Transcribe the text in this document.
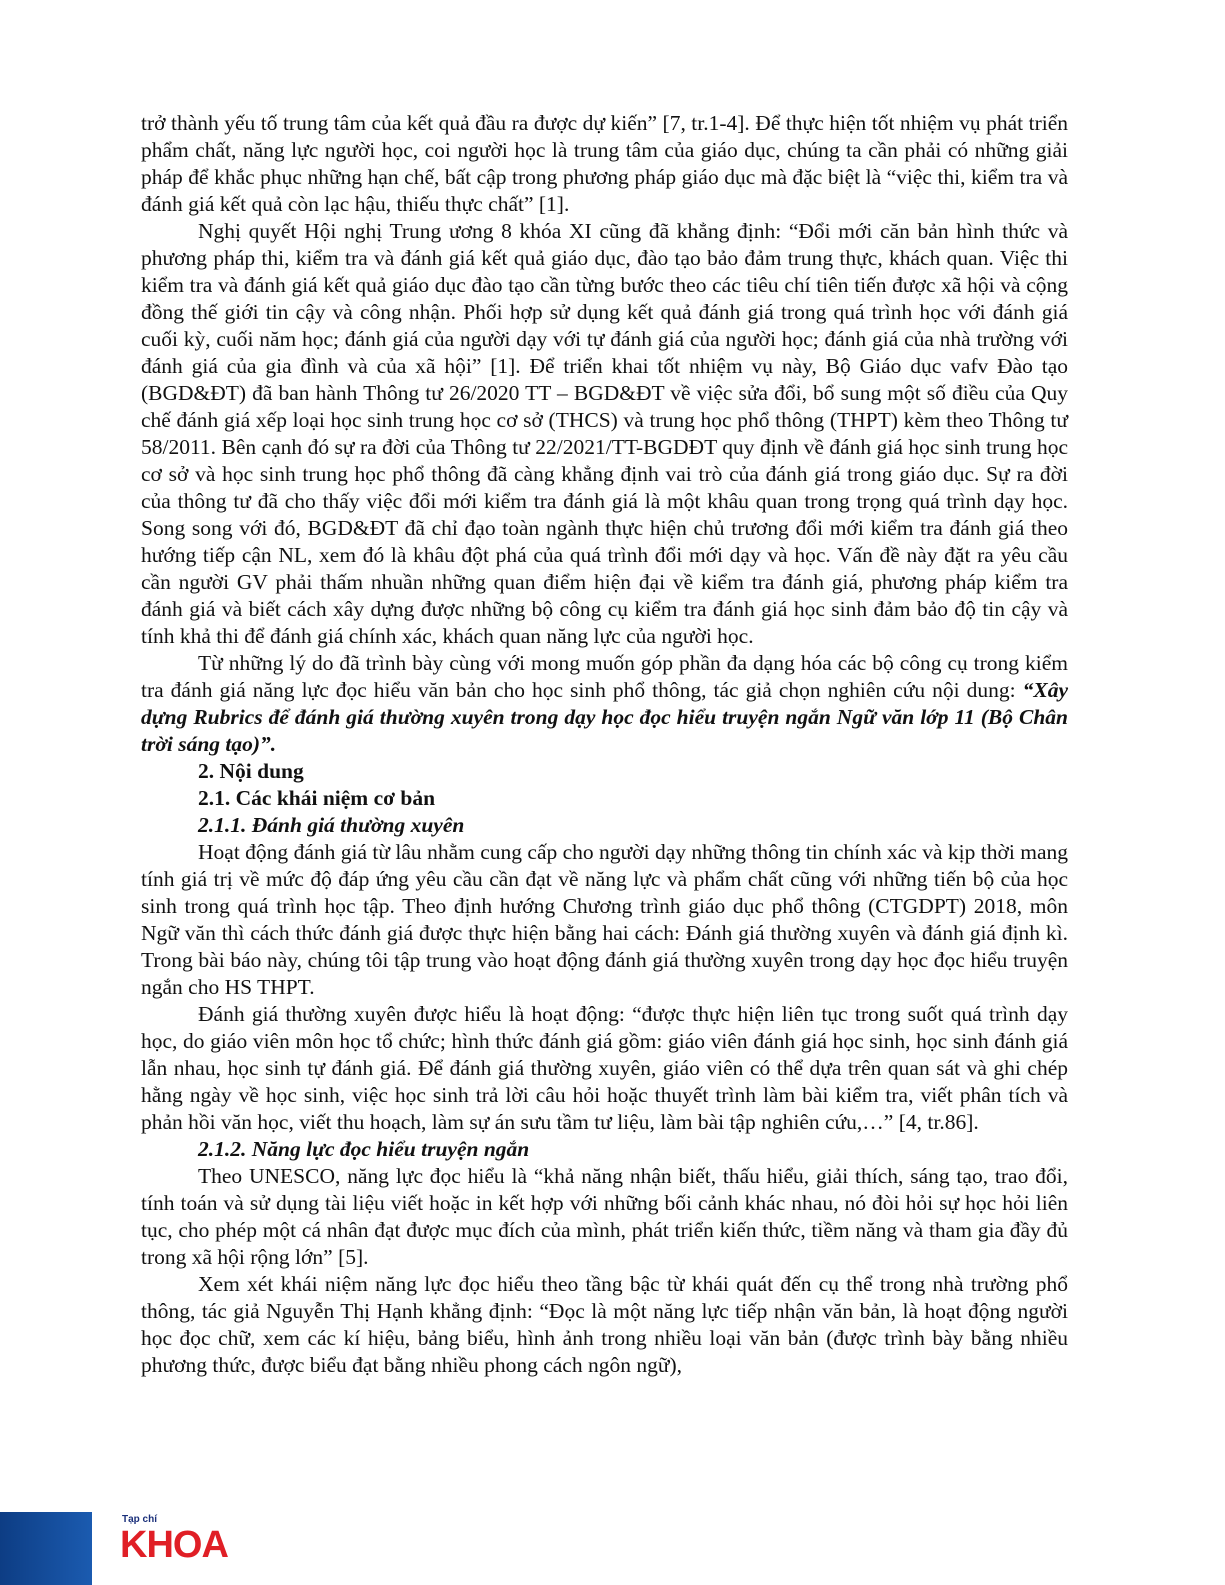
trở thành yếu tố trung tâm của kết quả đầu ra được dự kiến” [7, tr.1-4]. Để thực hiện tốt nhiệm vụ phát triển phẩm chất, năng lực người học, coi người học là trung tâm của giáo dục, chúng ta cần phải có những giải pháp để khắc phục những hạn chế, bất cập trong phương pháp giáo dục mà đặc biệt là “việc thi, kiểm tra và đánh giá kết quả còn lạc hậu, thiếu thực chất” [1].

Nghị quyết Hội nghị Trung ương 8 khóa XI cũng đã khẳng định: “Đổi mới căn bản hình thức và phương pháp thi, kiểm tra và đánh giá kết quả giáo dục, đào tạo bảo đảm trung thực, khách quan. Việc thi kiểm tra và đánh giá kết quả giáo dục đào tạo cần từng bước theo các tiêu chí tiên tiến được xã hội và cộng đồng thế giới tin cậy và công nhận. Phối hợp sử dụng kết quả đánh giá trong quá trình học với đánh giá cuối kỳ, cuối năm học; đánh giá của người dạy với tự đánh giá của người học; đánh giá của nhà trường với đánh giá của gia đình và của xã hội” [1]. Để triển khai tốt nhiệm vụ này, Bộ Giáo dục vafv Đào tạo (BGD&ĐT) đã ban hành Thông tư 26/2020 TT – BGD&ĐT về việc sửa đổi, bổ sung một số điều của Quy chế đánh giá xếp loại học sinh trung học cơ sở (THCS) và trung học phổ thông (THPT) kèm theo Thông tư 58/2011. Bên cạnh đó sự ra đời của Thông tư 22/2021/TT-BGDĐT quy định về đánh giá học sinh trung học cơ sở và học sinh trung học phổ thông đã càng khẳng định vai trò của đánh giá trong giáo dục. Sự ra đời của thông tư đã cho thấy việc đổi mới kiểm tra đánh giá là một khâu quan trong trọng quá trình dạy học. Song song với đó, BGD&ĐT đã chỉ đạo toàn ngành thực hiện chủ trương đổi mới kiểm tra đánh giá theo hướng tiếp cận NL, xem đó là khâu đột phá của quá trình đổi mới dạy và học. Vấn đề này đặt ra yêu cầu cần người GV phải thấm nhuần những quan điểm hiện đại về kiểm tra đánh giá, phương pháp kiểm tra đánh giá và biết cách xây dựng được những bộ công cụ kiểm tra đánh giá học sinh đảm bảo độ tin cậy và tính khả thi để đánh giá chính xác, khách quan năng lực của người học.

Từ những lý do đã trình bày cùng với mong muốn góp phần đa dạng hóa các bộ công cụ trong kiểm tra đánh giá năng lực đọc hiểu văn bản cho học sinh phổ thông, tác giả chọn nghiên cứu nội dung: “Xây dựng Rubrics để đánh giá thường xuyên trong dạy học đọc hiểu truyện ngắn Ngữ văn lớp 11 (Bộ Chân trời sáng tạo)”.

2. Nội dung

2.1. Các khái niệm cơ bản

2.1.1. Đánh giá thường xuyên

Hoạt động đánh giá từ lâu nhằm cung cấp cho người dạy những thông tin chính xác và kịp thời mang tính giá trị về mức độ đáp ứng yêu cầu cần đạt về năng lực và phẩm chất cũng với những tiến bộ của học sinh trong quá trình học tập. Theo định hướng Chương trình giáo dục phổ thông (CTGDPT) 2018, môn Ngữ văn thì cách thức đánh giá được thực hiện bằng hai cách: Đánh giá thường xuyên và đánh giá định kì. Trong bài báo này, chúng tôi tập trung vào hoạt động đánh giá thường xuyên trong dạy học đọc hiểu truyện ngắn cho HS THPT.

Đánh giá thường xuyên được hiểu là hoạt động: “được thực hiện liên tục trong suốt quá trình dạy học, do giáo viên môn học tổ chức; hình thức đánh giá gồm: giáo viên đánh giá học sinh, học sinh đánh giá lẫn nhau, học sinh tự đánh giá. Để đánh giá thường xuyên, giáo viên có thể dựa trên quan sát và ghi chép hằng ngày về học sinh, việc học sinh trả lời câu hỏi hoặc thuyết trình làm bài kiểm tra, viết phân tích và phản hồi văn học, viết thu hoạch, làm sự án sưu tầm tư liệu, làm bài tập nghiên cứu,…” [4, tr.86].

2.1.2. Năng lực đọc hiểu truyện ngắn

Theo UNESCO, năng lực đọc hiểu là “khả năng nhận biết, thấu hiểu, giải thích, sáng tạo, trao đổi, tính toán và sử dụng tài liệu viết hoặc in kết hợp với những bối cảnh khác nhau, nó đòi hỏi sự học hỏi liên tục, cho phép một cá nhân đạt được mục đích của mình, phát triển kiến thức, tiềm năng và tham gia đầy đủ trong xã hội rộng lớn” [5].

Xem xét khái niệm năng lực đọc hiểu theo tầng bậc từ khái quát đến cụ thể trong nhà trường phổ thông, tác giả Nguyễn Thị Hạnh khẳng định: “Đọc là một năng lực tiếp nhận văn bản, là hoạt động người học đọc chữ, xem các kí hiệu, bảng biểu, hình ảnh trong nhiều loại văn bản (được trình bày bằng nhiều phương thức, được biểu đạt bằng nhiều phong cách ngôn ngữ),

Tạp chí
KHOA
